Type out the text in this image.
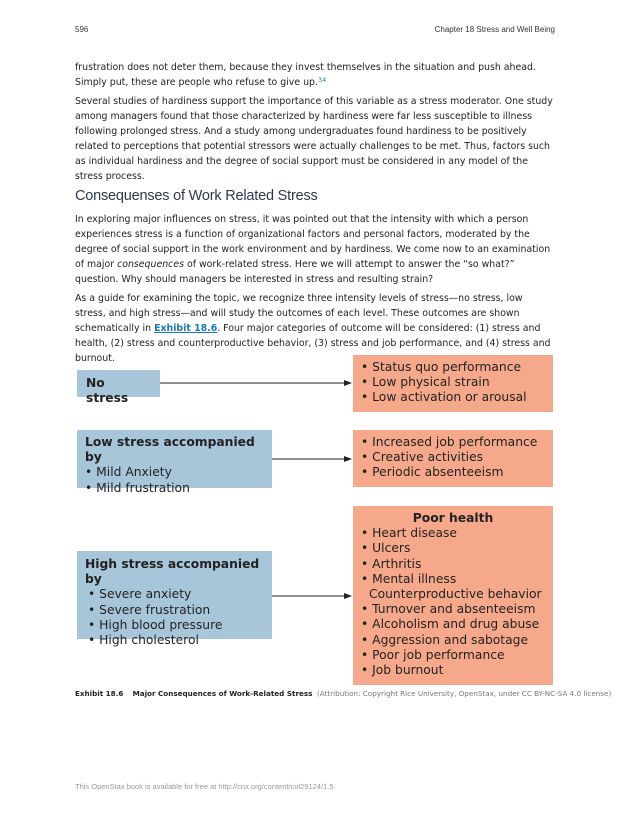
596	Chapter 18 Stress and Well Being

frustration does not deter them, because they invest themselves in the situation and push ahead. Simply put, these are people who refuse to give up.$^{34}$

Several studies of hardiness support the importance of this variable as a stress moderator. One study among managers found that those characterized by hardiness were far less susceptible to illness following prolonged stress. And a study among undergraduates found hardiness to be positively related to perceptions that potential stressors were actually challenges to be met. Thus, factors such as individual hardiness and the degree of social support must be considered in any model of the stress process.

Consequenses of Work Related Stress

In exploring major influences on stress, it was pointed out that the intensity with which a person experiences stress is a function of organizational factors and personal factors, moderated by the degree of social support in the work environment and by hardiness. We come now to an examination of major consequences of work-related stress. Here we will attempt to answer the “so what?” question. Why should managers be interested in stress and resulting strain?

As a guide for examining the topic, we recognize three intensity levels of stress—no stress, low stress, and high stress—and will study the outcomes of each level. These outcomes are shown schematically in Exhibit 18.6. Four major categories of outcome will be considered: (1) stress and health, (2) stress and counterproductive behavior, (3) stress and job performance, and (4) stress and burnout.

No stress
• Status quo performance
• Low physical strain
• Low activation or arousal
Low stress accompanied by
• Mild Anxiety
• Mild frustration
• Increased job performance
• Creative activities
• Periodic absenteeism
High stress accompanied by
• Severe anxiety
• Severe frustration
• High blood pressure
• High cholesterol
Poor health
• Heart disease
• Ulcers
• Arthritis
• Mental illness
Counterproductive behavior
• Turnover and absenteeism
• Alcoholism and drug abuse
• Aggression and sabotage
• Poor job performance
• Job burnout
Exhibit 18.6 Major Consequences of Work-Related Stress (Attribution: Copyright Rice University, OpenStax, under CC BY-NC-SA 4.0 license)
This OpenStax book is available for free at http://cnx.org/content/col29124/1.5
